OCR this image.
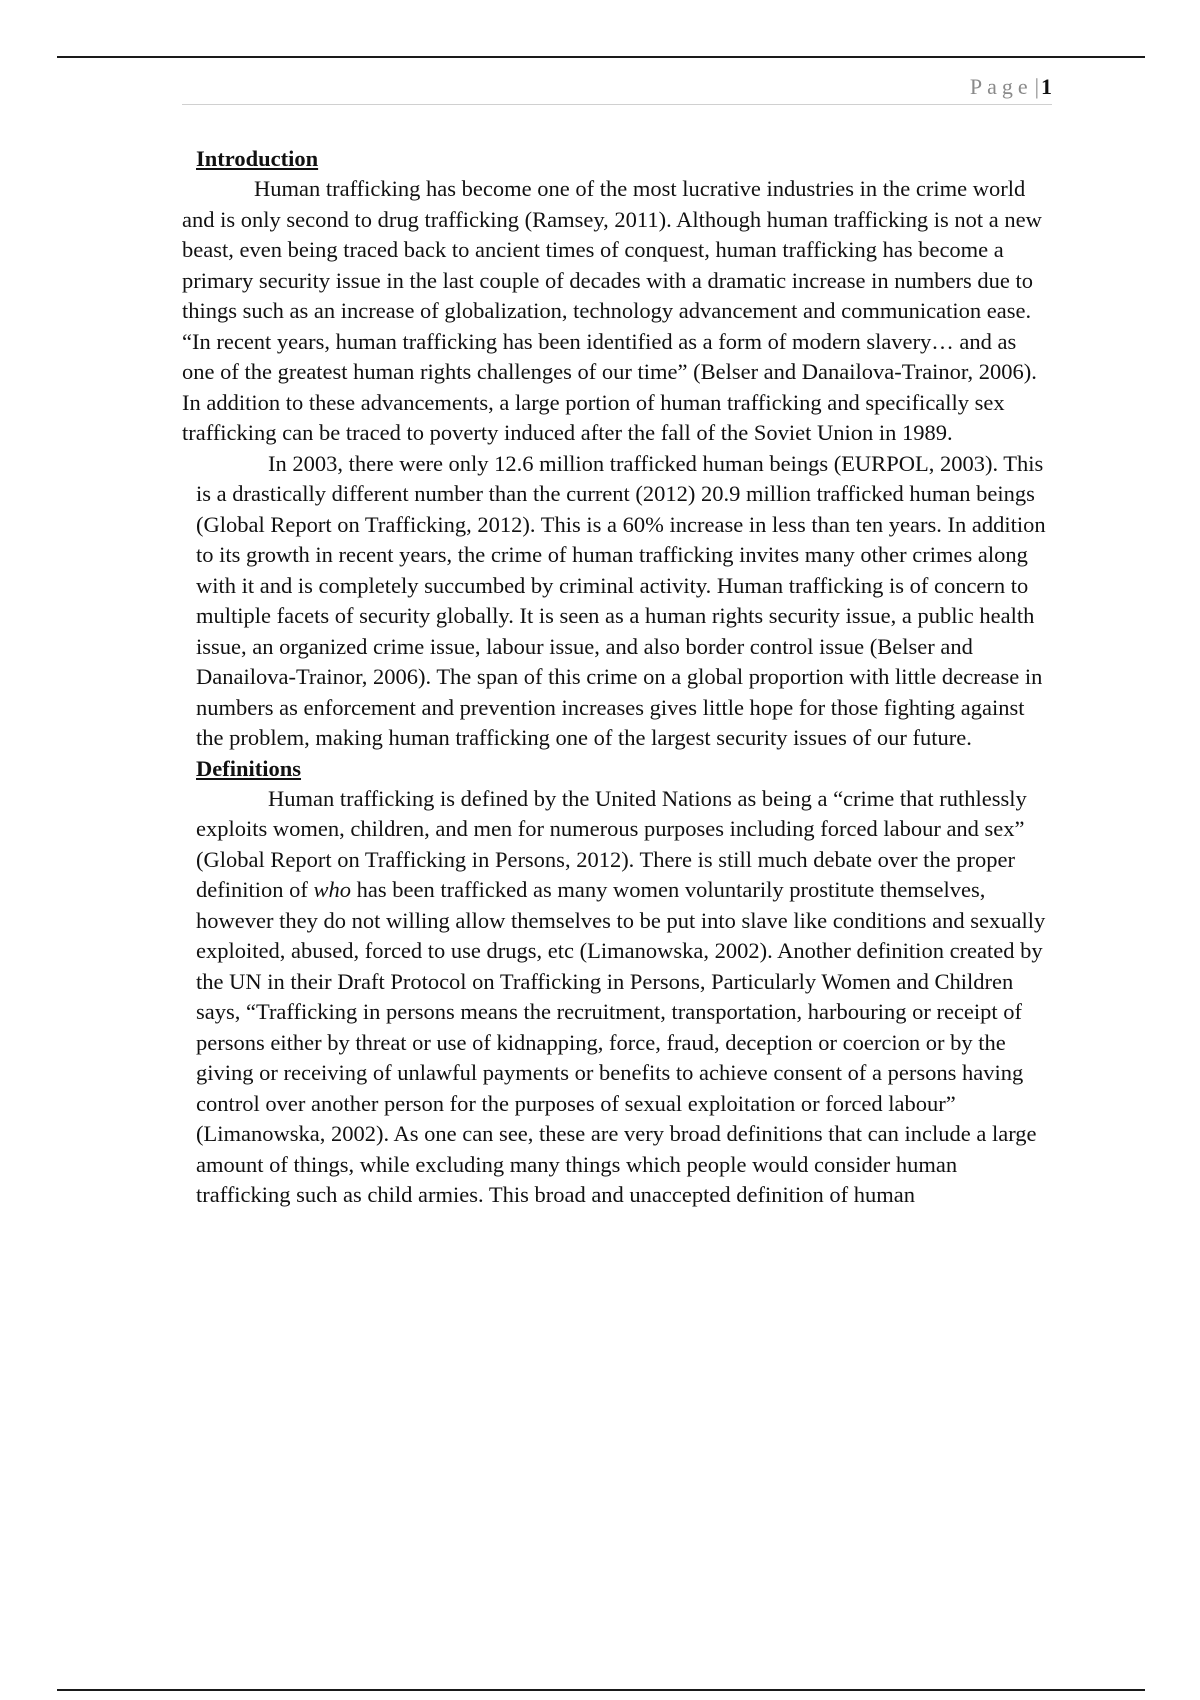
Page|1
Introduction

Human trafficking has become one of the most lucrative industries in the crime world and is only second to drug trafficking (Ramsey, 2011). Although human trafficking is not a new beast, even being traced back to ancient times of conquest, human trafficking has become a primary security issue in the last couple of decades with a dramatic increase in numbers due to things such as an increase of globalization, technology advancement and communication ease. “In recent years, human trafficking has been identified as a form of modern slavery… and as one of the greatest human rights challenges of our time” (Belser and Danailova-Trainor, 2006). In addition to these advancements, a large portion of human trafficking and specifically sex trafficking can be traced to poverty induced after the fall of the Soviet Union in 1989.

In 2003, there were only 12.6 million trafficked human beings (EURPOL, 2003). This is a drastically different number than the current (2012) 20.9 million trafficked human beings (Global Report on Trafficking, 2012). This is a 60% increase in less than ten years. In addition to its growth in recent years, the crime of human trafficking invites many other crimes along with it and is completely succumbed by criminal activity. Human trafficking is of concern to multiple facets of security globally. It is seen as a human rights security issue, a public health issue, an organized crime issue, labour issue, and also border control issue (Belser and Danailova-Trainor, 2006). The span of this crime on a global proportion with little decrease in numbers as enforcement and prevention increases gives little hope for those fighting against the problem, making human trafficking one of the largest security issues of our future.

Definitions

Human trafficking is defined by the United Nations as being a “crime that ruthlessly exploits women, children, and men for numerous purposes including forced labour and sex” (Global Report on Trafficking in Persons, 2012). There is still much debate over the proper definition of who has been trafficked as many women voluntarily prostitute themselves, however they do not willing allow themselves to be put into slave like conditions and sexually exploited, abused, forced to use drugs, etc (Limanowska, 2002). Another definition created by the UN in their Draft Protocol on Trafficking in Persons, Particularly Women and Children says, “Trafficking in persons means the recruitment, transportation, harbouring or receipt of persons either by threat or use of kidnapping, force, fraud, deception or coercion or by the giving or receiving of unlawful payments or benefits to achieve consent of a persons having control over another person for the purposes of sexual exploitation or forced labour” (Limanowska, 2002). As one can see, these are very broad definitions that can include a large amount of things, while excluding many things which people would consider human trafficking such as child armies. This broad and unaccepted definition of human
